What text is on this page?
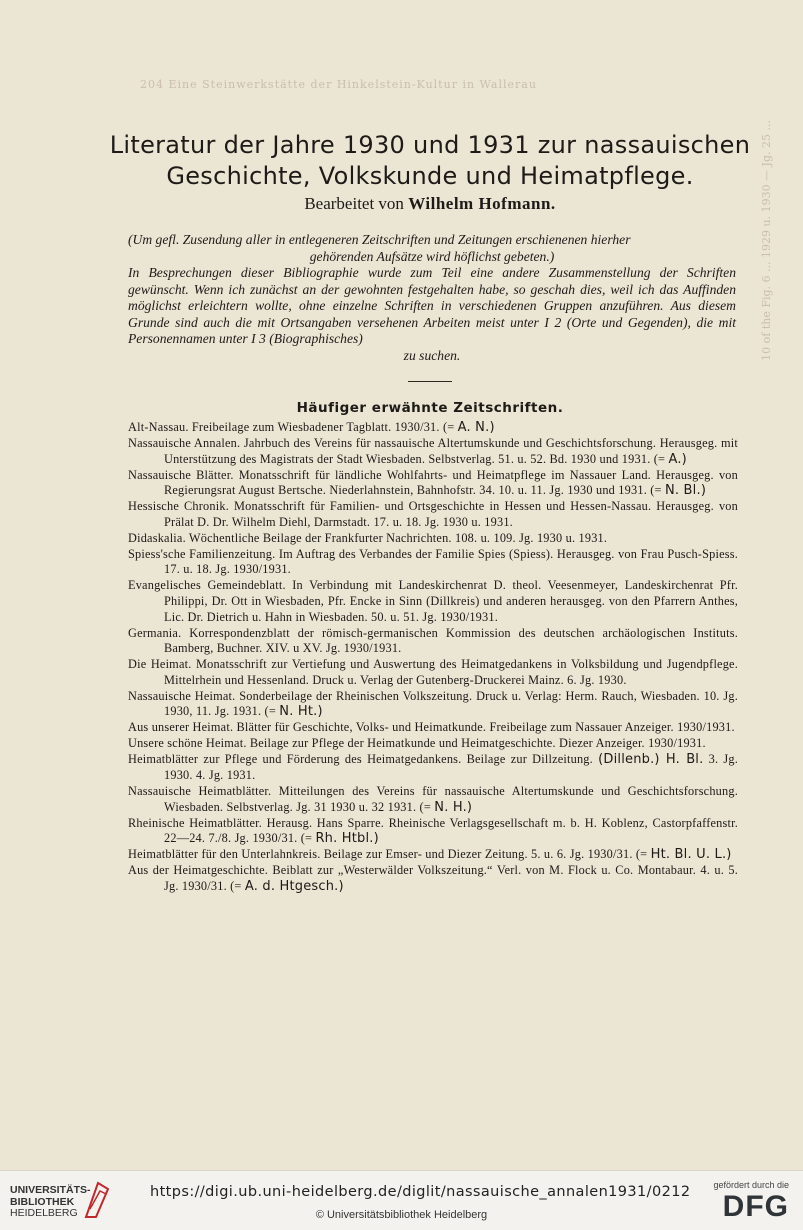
204 Eine Steinwerkstätte der Hinkelstein-Kultur in Wallerau
10 of the Fig. 6 ... 1929 u. 1930 — Jg. 25 ...
Literatur der Jahre 1930 und 1931 zur nassauischen
Geschichte, Volkskunde und Heimatpflege.
Bearbeitet von Wilhelm Hofmann.

(Um gefl. Zusendung aller in entlegeneren Zeitschriften und Zeitungen erschienenen hierher

gehörenden Aufsätze wird höflichst gebeten.)

In Besprechungen dieser Bibliographie wurde zum Teil eine andere Zusammenstellung der Schriften gewünscht. Wenn ich zunächst an der gewohnten festgehalten habe, so geschah dies, weil ich das Auffinden möglichst erleichtern wollte, ohne einzelne Schriften in verschiedenen Gruppen anzuführen. Aus diesem Grunde sind auch die mit Ortsangaben versehenen Arbeiten meist unter I 2 (Orte und Gegenden), die mit Personennamen unter I 3 (Biographisches)

zu suchen.

Häufiger erwähnte Zeitschriften.

Alt-Nassau. Freibeilage zum Wiesbadener Tagblatt. 1930/31. (= A. N.)

Nassauische Annalen. Jahrbuch des Vereins für nassauische Altertumskunde und Geschichtsforschung. Herausgeg. mit Unterstützung des Magistrats der Stadt Wiesbaden. Selbstverlag. 51. u. 52. Bd. 1930 und 1931. (= A.)

Nassauische Blätter. Monatsschrift für ländliche Wohlfahrts- und Heimatpflege im Nassauer Land. Herausgeg. von Regierungsrat August Bertsche. Niederlahnstein, Bahnhofstr. 34. 10. u. 11. Jg. 1930 und 1931. (= N. Bl.)

Hessische Chronik. Monatsschrift für Familien- und Ortsgeschichte in Hessen und Hessen-Nassau. Herausgeg. von Prälat D. Dr. Wilhelm Diehl, Darmstadt. 17. u. 18. Jg. 1930 u. 1931.

Didaskalia. Wöchentliche Beilage der Frankfurter Nachrichten. 108. u. 109. Jg. 1930 u. 1931.

Spiess'sche Familienzeitung. Im Auftrag des Verbandes der Familie Spies (Spiess). Herausgeg. von Frau Pusch-Spiess. 17. u. 18. Jg. 1930/1931.

Evangelisches Gemeindeblatt. In Verbindung mit Landeskirchenrat D. theol. Veesenmeyer, Landeskirchenrat Pfr. Philippi, Dr. Ott in Wiesbaden, Pfr. Encke in Sinn (Dillkreis) und anderen herausgeg. von den Pfarrern Anthes, Lic. Dr. Dietrich u. Hahn in Wiesbaden. 50. u. 51. Jg. 1930/1931.

Germania. Korrespondenzblatt der römisch-germanischen Kommission des deutschen archäologischen Instituts. Bamberg, Buchner. XIV. u XV. Jg. 1930/1931.

Die Heimat. Monatsschrift zur Vertiefung und Auswertung des Heimatgedankens in Volksbildung und Jugendpflege. Mittelrhein und Hessenland. Druck u. Verlag der Gutenberg-Druckerei Mainz. 6. Jg. 1930.

Nassauische Heimat. Sonderbeilage der Rheinischen Volkszeitung. Druck u. Verlag: Herm. Rauch, Wiesbaden. 10. Jg. 1930, 11. Jg. 1931. (= N. Ht.)

Aus unserer Heimat. Blätter für Geschichte, Volks- und Heimatkunde. Freibeilage zum Nassauer Anzeiger. 1930/1931.

Unsere schöne Heimat. Beilage zur Pflege der Heimatkunde und Heimatgeschichte. Diezer Anzeiger. 1930/1931.

Heimatblätter zur Pflege und Förderung des Heimatgedankens. Beilage zur Dillzeitung. (Dillenb.) H. Bl. 3. Jg. 1930. 4. Jg. 1931.

Nassauische Heimatblätter. Mitteilungen des Vereins für nassauische Altertumskunde und Geschichtsforschung. Wiesbaden. Selbstverlag. Jg. 31 1930 u. 32 1931. (= N. H.)

Rheinische Heimatblätter. Herausg. Hans Sparre. Rheinische Verlagsgesellschaft m. b. H. Koblenz, Castorpfaffenstr. 22—24. 7./8. Jg. 1930/31. (= Rh. Htbl.)

Heimatblätter für den Unterlahnkreis. Beilage zur Emser- und Diezer Zeitung. 5. u. 6. Jg. 1930/31. (= Ht. Bl. U. L.)

Aus der Heimatgeschichte. Beiblatt zur „Westerwälder Volkszeitung.“ Verl. von M. Flock u. Co. Montabaur. 4. u. 5. Jg. 1930/31. (= A. d. Htgesch.)

UNIVERSITÄTS-
BIBLIOTHEK
HEIDELBERG
https://digi.ub.uni-heidelberg.de/diglit/nassauische_annalen1931/0212
© Universitätsbibliothek Heidelberg
gefördert durch die
DFG
